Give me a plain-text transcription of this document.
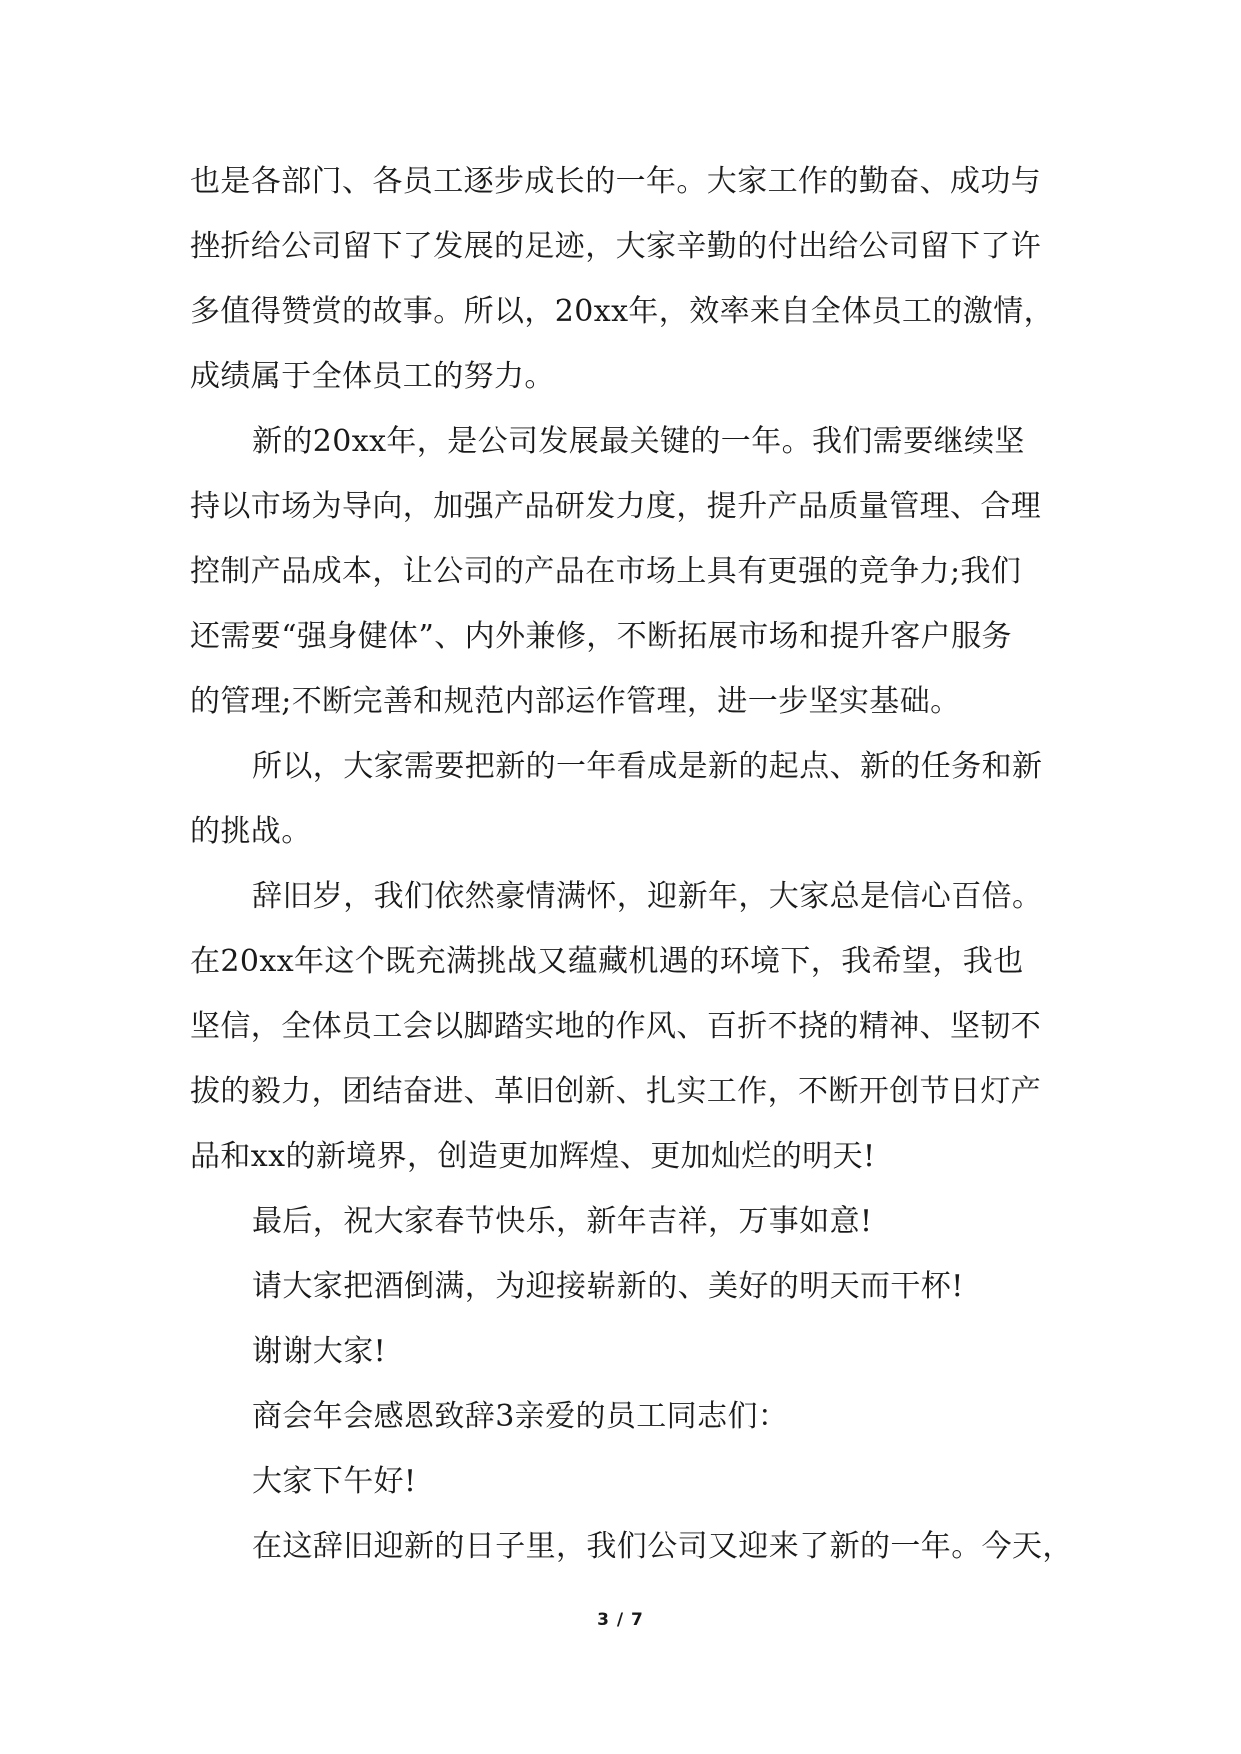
也是各部门、各员工逐步成长的一年。大家工作的勤奋、成功与
挫折给公司留下了发展的足迹，大家辛勤的付出给公司留下了许
多值得赞赏的故事。所以，20xx年，效率来自全体员工的激情，
成绩属于全体员工的努力。
新的20xx年，是公司发展最关键的一年。我们需要继续坚
持以市场为导向，加强产品研发力度，提升产品质量管理、合理
控制产品成本，让公司的产品在市场上具有更强的竞争力;我们
还需要“强身健体”、内外兼修，不断拓展市场和提升客户服务
的管理;不断完善和规范内部运作管理，进一步坚实基础。
所以，大家需要把新的一年看成是新的起点、新的任务和新
的挑战。
辞旧岁，我们依然豪情满怀，迎新年，大家总是信心百倍。
在20xx年这个既充满挑战又蕴藏机遇的环境下，我希望，我也
坚信，全体员工会以脚踏实地的作风、百折不挠的精神、坚韧不
拔的毅力，团结奋进、革旧创新、扎实工作，不断开创节日灯产
品和xx的新境界，创造更加辉煌、更加灿烂的明天!
最后，祝大家春节快乐，新年吉祥，万事如意!
请大家把酒倒满，为迎接崭新的、美好的明天而干杯!
谢谢大家!
商会年会感恩致辞3亲爱的员工同志们：
大家下午好!
在这辞旧迎新的日子里，我们公司又迎来了新的一年。今天，
3 / 7
